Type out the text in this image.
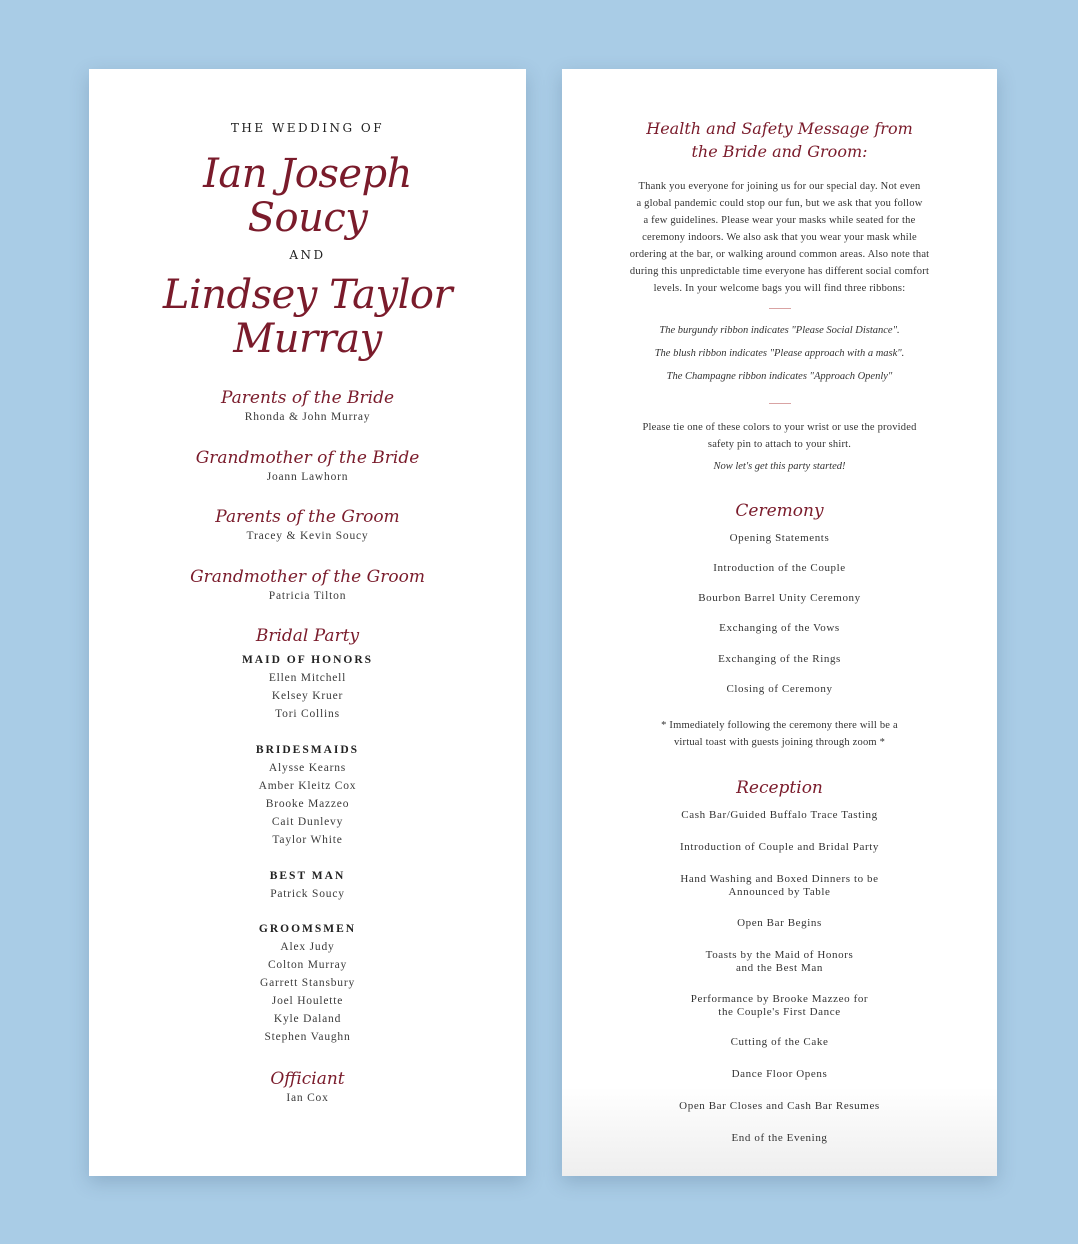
THE WEDDING OF
Ian Joseph
Soucy
AND
Lindsey Taylor
Murray
Parents of the Bride
Rhonda & John Murray
Grandmother of the Bride
Joann Lawhorn
Parents of the Groom
Tracey & Kevin Soucy
Grandmother of the Groom
Patricia Tilton
Bridal Party
MAID OF HONORS
Ellen Mitchell
Kelsey Kruer
Tori Collins
BRIDESMAIDS
Alysse Kearns
Amber Kleitz Cox
Brooke Mazzeo
Cait Dunlevy
Taylor White
BEST MAN
Patrick Soucy
GROOMSMEN
Alex Judy
Colton Murray
Garrett Stansbury
Joel Houlette
Kyle Daland
Stephen Vaughn
Officiant
Ian Cox
Health and Safety Message from
the Bride and Groom:
Thank you everyone for joining us for our special day. Not even
a global pandemic could stop our fun, but we ask that you follow
a few guidelines. Please wear your masks while seated for the
ceremony indoors. We also ask that you wear your mask while
ordering at the bar, or walking around common areas. Also note that
during this unpredictable time everyone has different social comfort
levels. In your welcome bags you will find three ribbons:
The burgundy ribbon indicates "Please Social Distance".
The blush ribbon indicates "Please approach with a mask".
The Champagne ribbon indicates "Approach Openly"
Please tie one of these colors to your wrist or use the provided
safety pin to attach to your shirt.
Now let's get this party started!
Ceremony
Opening Statements
Introduction of the Couple
Bourbon Barrel Unity Ceremony
Exchanging of the Vows
Exchanging of the Rings
Closing of Ceremony
* Immediately following the ceremony there will be a
virtual toast with guests joining through zoom *
Reception
Cash Bar/Guided Buffalo Trace Tasting
Introduction of Couple and Bridal Party
Hand Washing and Boxed Dinners to be
Announced by Table
Open Bar Begins
Toasts by the Maid of Honors
and the Best Man
Performance by Brooke Mazzeo for
the Couple's First Dance
Cutting of the Cake
Dance Floor Opens
Open Bar Closes and Cash Bar Resumes
End of the Evening
